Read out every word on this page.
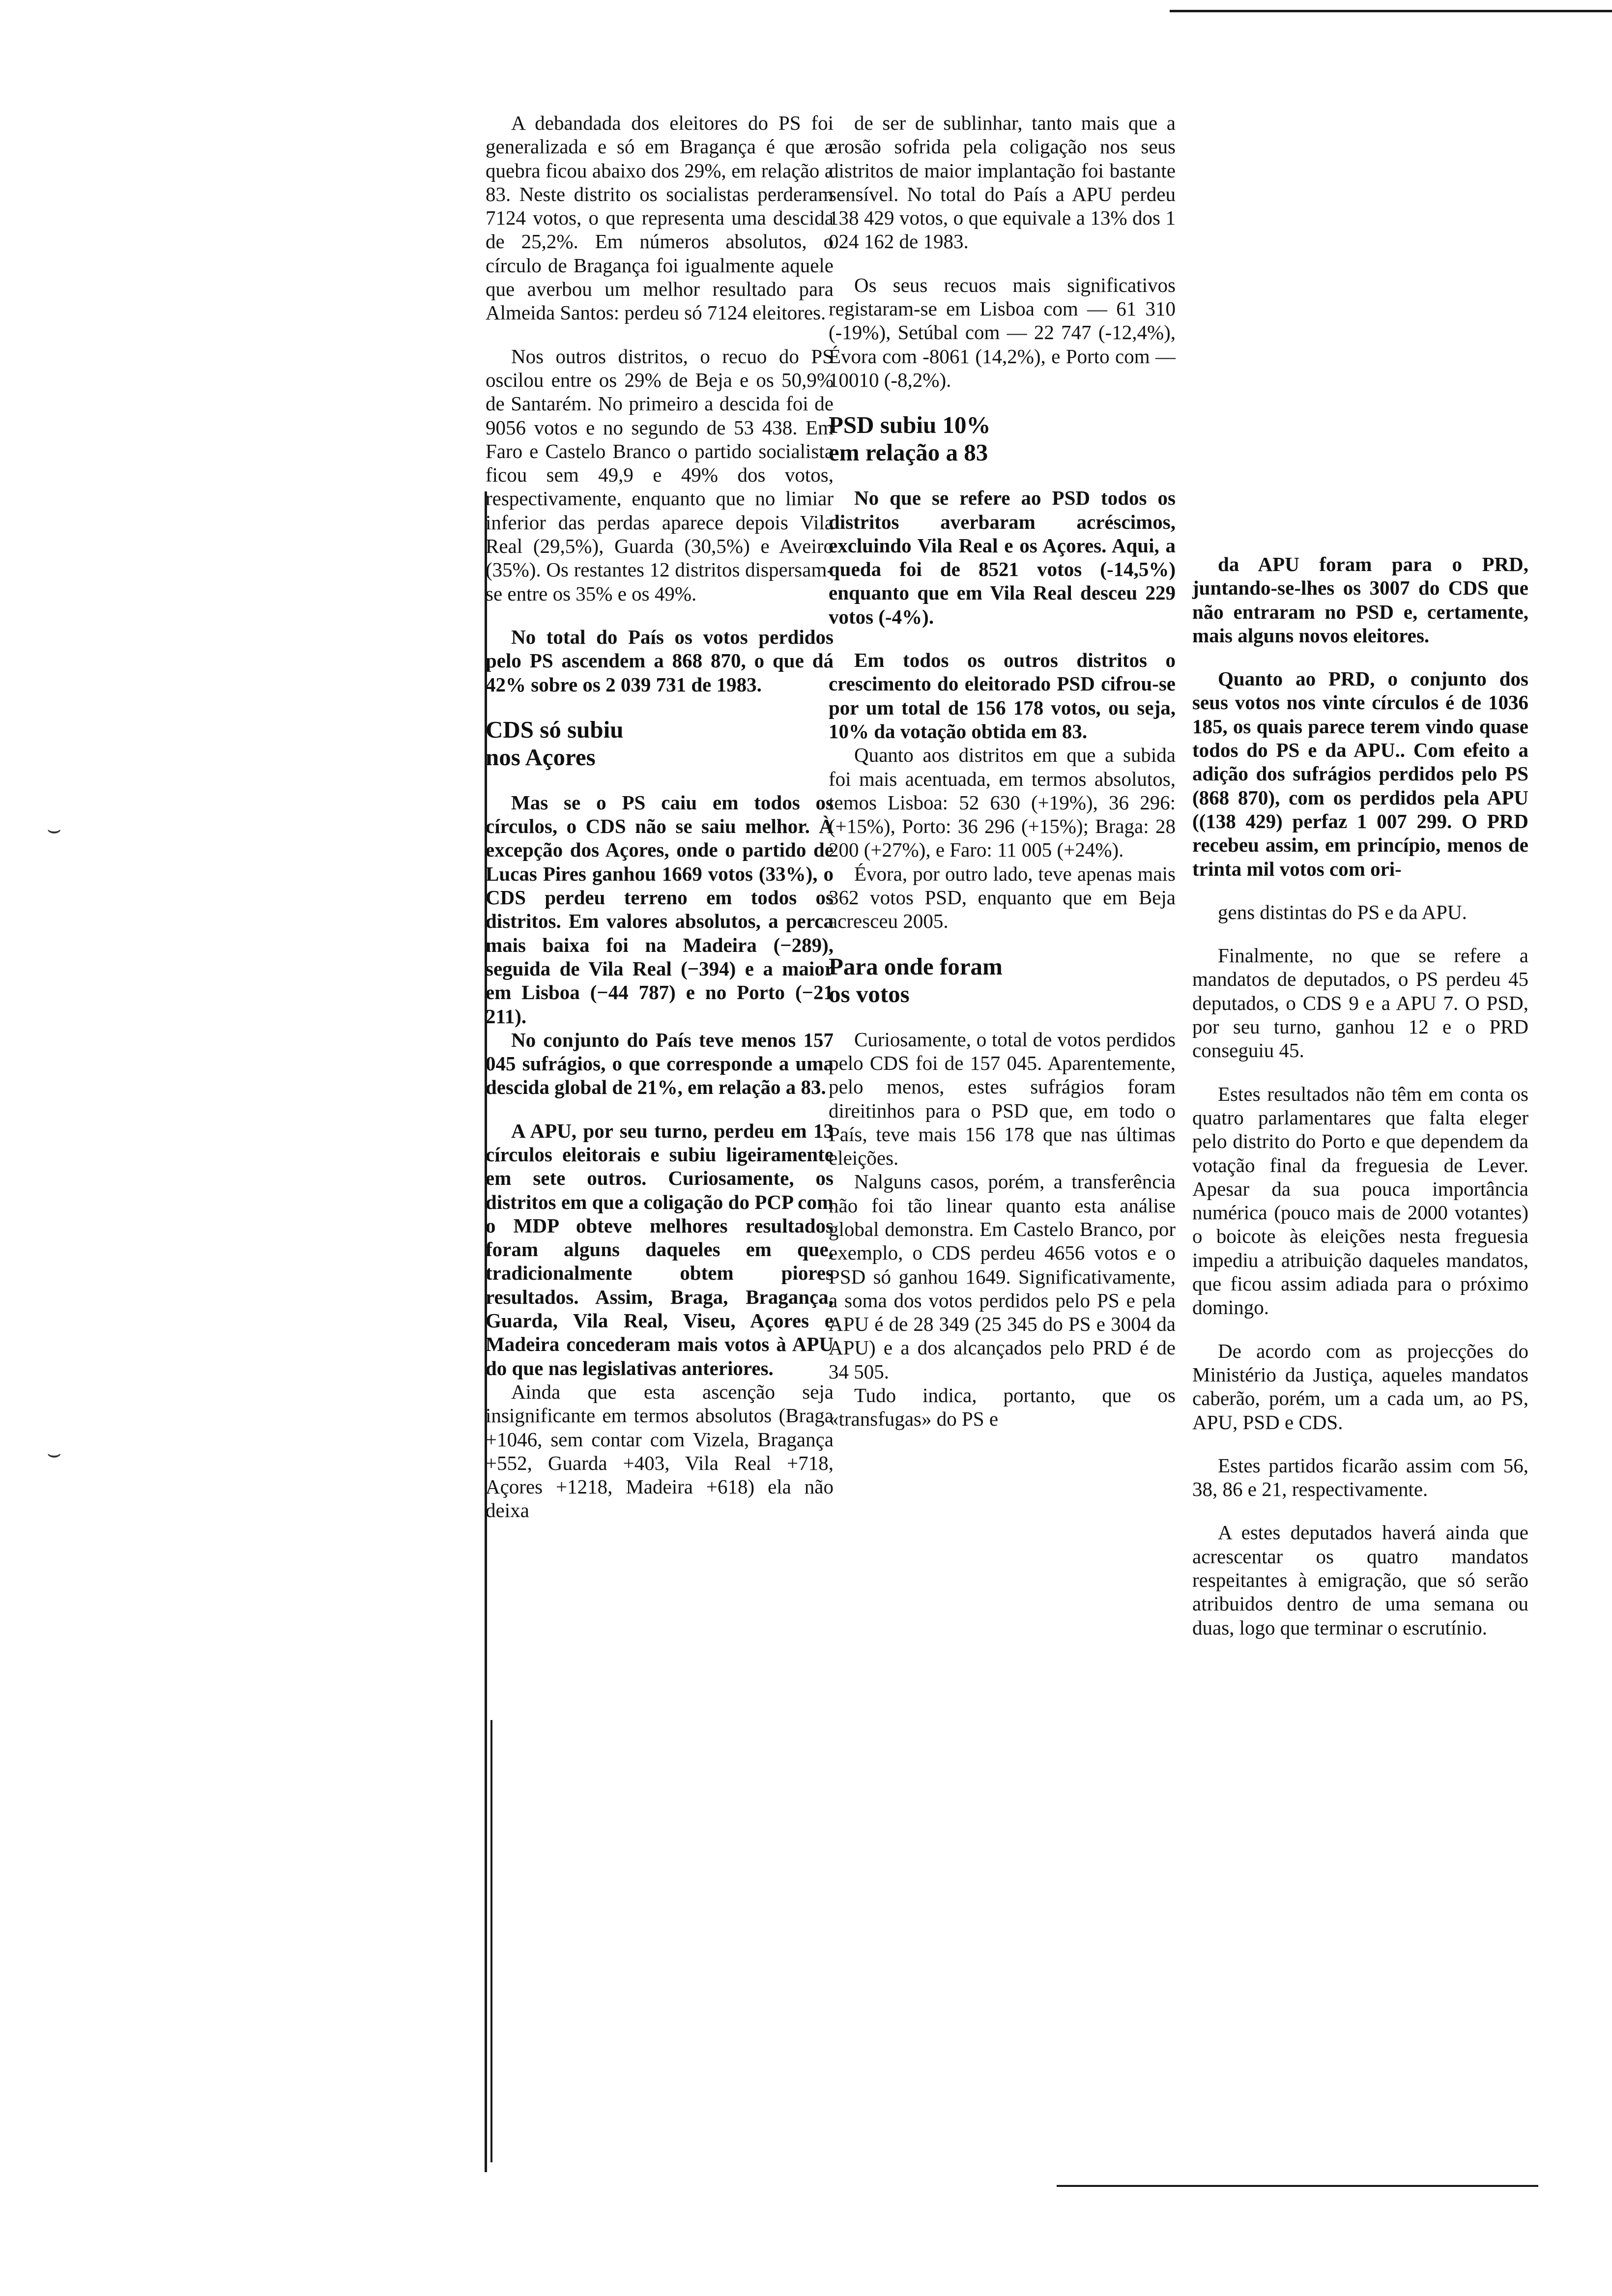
⌣
⌣

A debandada dos eleitores do PS foi generalizada e só em Bragança é que a quebra ficou abaixo dos 29%, em relação a 83. Neste distrito os socialistas perderam 7124 votos, o que representa uma descida de 25,2%. Em números absolutos, o círculo de Bragança foi igualmente aquele que averbou um melhor resultado para Almeida Santos: perdeu só 7124 eleitores.

Nos outros distritos, o recuo do PS oscilou entre os 29% de Beja e os 50,9% de Santarém. No primeiro a descida foi de 9056 votos e no segundo de 53 438. Em Faro e Castelo Branco o partido socialista ficou sem 49,9 e 49% dos votos, respectivamente, enquanto que no limiar inferior das perdas aparece depois Vila Real (29,5%), Guarda (30,5%) e Aveiro (35%). Os restantes 12 distritos dispersam-se entre os 35% e os 49%.

No total do País os votos perdidos pelo PS ascendem a 868 870, o que dá 42% sobre os 2 039 731 de 1983.

CDS só subiu
nos Açores

Mas se o PS caiu em todos os círculos, o CDS não se saiu melhor. À excepção dos Açores, onde o partido de Lucas Pires ganhou 1669 votos (33%), o CDS perdeu terreno em todos os distritos. Em valores absolutos, a perca mais baixa foi na Madeira (−289), seguida de Vila Real (−394) e a maior em Lisboa (−44 787) e no Porto (−21 211).

No conjunto do País teve menos 157 045 sufrágios, o que corresponde a uma descida global de 21%, em relação a 83.

A APU, por seu turno, perdeu em 13 círculos eleitorais e subiu ligeiramente em sete outros. Curiosamente, os distritos em que a coligação do PCP com o MDP obteve melhores resultados foram alguns daqueles em que, tradicionalmente obtem piores resultados. Assim, Braga, Bragança, Guarda, Vila Real, Viseu, Açores e Madeira concederam mais votos à APU do que nas legislativas anteriores.

Ainda que esta ascenção seja insignificante em termos absolutos (Braga +1046, sem contar com Vizela, Bragança +552, Guarda +403, Vila Real +718, Açores +1218, Madeira +618) ela não deixa

de ser de sublinhar, tanto mais que a erosão sofrida pela coligação nos seus distritos de maior implantação foi bastante sensível. No total do País a APU perdeu 138 429 votos, o que equivale a 13% dos 1 024 162 de 1983.

Os seus recuos mais significativos registaram-se em Lisboa com — 61 310 (-19%), Setúbal com — 22 747 (-12,4%), Évora com -8061 (14,2%), e Porto com — 10010 (-8,2%).

PSD subiu 10%
em relação a 83

No que se refere ao PSD todos os distritos averbaram acréscimos, excluindo Vila Real e os Açores. Aqui, a queda foi de 8521 votos (-14,5%) enquanto que em Vila Real desceu 229 votos (-4%).

Em todos os outros distritos o crescimento do eleitorado PSD cifrou-se por um total de 156 178 votos, ou seja, 10% da votação obtida em 83.

Quanto aos distritos em que a subida foi mais acentuada, em termos absolutos, temos Lisboa: 52 630 (+19%), 36 296: (+15%), Porto: 36 296 (+15%); Braga: 28 200 (+27%), e Faro: 11 005 (+24%).

Évora, por outro lado, teve apenas mais 362 votos PSD, enquanto que em Beja acresceu 2005.

Para onde foram
os votos

Curiosamente, o total de votos perdidos pelo CDS foi de 157 045. Aparentemente, pelo menos, estes sufrágios foram direitinhos para o PSD que, em todo o País, teve mais 156 178 que nas últimas eleições.

Nalguns casos, porém, a transferência não foi tão linear quanto esta análise global demonstra. Em Castelo Branco, por exemplo, o CDS perdeu 4656 votos e o PSD só ganhou 1649. Significativamente, a soma dos votos perdidos pelo PS e pela APU é de 28 349 (25 345 do PS e 3004 da APU) e a dos alcançados pelo PRD é de 34 505.

Tudo indica, portanto, que os «transfugas» do PS e

da APU foram para o PRD, juntando-se-lhes os 3007 do CDS que não entraram no PSD e, certamente, mais alguns novos eleitores.

Quanto ao PRD, o conjunto dos seus votos nos vinte círculos é de 1036 185, os quais parece terem vindo quase todos do PS e da APU.. Com efeito a adição dos sufrágios perdidos pelo PS (868 870), com os perdidos pela APU ((138 429) perfaz 1 007 299. O PRD recebeu assim, em princípio, menos de trinta mil votos com ori-

gens distintas do PS e da APU.

Finalmente, no que se refere a mandatos de deputados, o PS perdeu 45 deputados, o CDS 9 e a APU 7. O PSD, por seu turno, ganhou 12 e o PRD conseguiu 45.

Estes resultados não têm em conta os quatro parlamentares que falta eleger pelo distrito do Porto e que dependem da votação final da freguesia de Lever. Apesar da sua pouca importância numérica (pouco mais de 2000 votantes) o boicote às eleições nesta freguesia impediu a atribuição daqueles mandatos, que ficou assim adiada para o próximo domingo.

De acordo com as projecções do Ministério da Justiça, aqueles mandatos caberão, porém, um a cada um, ao PS, APU, PSD e CDS.

Estes partidos ficarão assim com 56, 38, 86 e 21, respectivamente.

A estes deputados haverá ainda que acrescentar os quatro mandatos respeitantes à emigração, que só serão atribuidos dentro de uma semana ou duas, logo que terminar o escrutínio.
